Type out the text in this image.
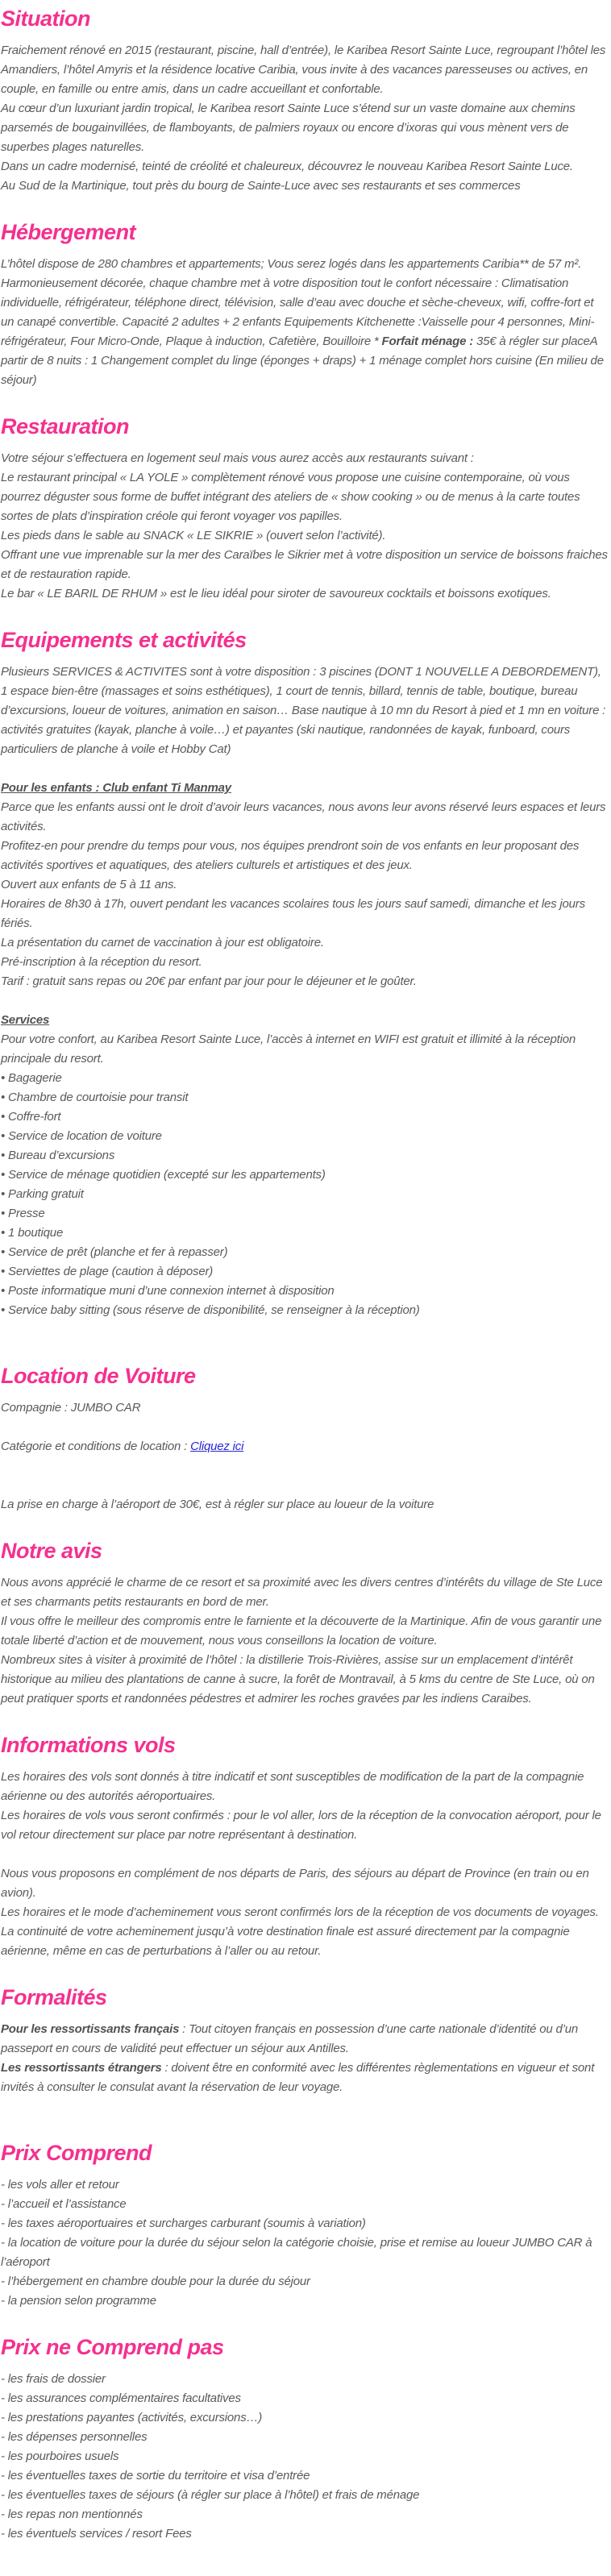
Situation

Fraichement rénové en 2015 (restaurant, piscine, hall d’entrée), le Karibea Resort Sainte Luce, regroupant l’hôtel les Amandiers, l’hôtel Amyris et la résidence locative Caribia, vous invite à des vacances paresseuses ou actives, en couple, en famille ou entre amis, dans un cadre accueillant et confortable.

Au cœur d’un luxuriant jardin tropical, le Karibea resort Sainte Luce s’étend sur un vaste domaine aux chemins parsemés de bougainvillées, de flamboyants, de palmiers royaux ou encore d’ixoras qui vous mènent vers de superbes plages naturelles.

Dans un cadre modernisé, teinté de créolité et chaleureux, découvrez le nouveau Karibea Resort Sainte Luce.

Au Sud de la Martinique, tout près du bourg de Sainte-Luce avec ses restaurants et ses commerces

Hébergement

L’hôtel dispose de 280 chambres et appartements; Vous serez logés dans les appartements Caribia** de 57 m². Harmonieusement décorée, chaque chambre met à votre disposition tout le confort nécessaire : Climatisation individuelle, réfrigérateur, téléphone direct, télévision, salle d’eau avec douche et sèche-cheveux, wifi, coffre-fort et un canapé convertible. Capacité 2 adultes + 2 enfants Equipements Kitchenette :Vaisselle pour 4 personnes, Mini-réfrigérateur, Four Micro-Onde, Plaque à induction, Cafetière, Bouilloire * Forfait ménage : 35€ à régler sur placeA partir de 8 nuits : 1 Changement complet du linge (éponges + draps) + 1 ménage complet hors cuisine (En milieu de séjour)

Restauration

Votre séjour s’effectuera en logement seul mais vous aurez accès aux restaurants suivant :

Le restaurant principal « LA YOLE » complètement rénové vous propose une cuisine contemporaine, où vous pourrez déguster sous forme de buffet intégrant des ateliers de « show cooking » ou de menus à la carte toutes sortes de plats d’inspiration créole qui feront voyager vos papilles.

Les pieds dans le sable au SNACK « LE SIKRIE » (ouvert selon l’activité).

Offrant une vue imprenable sur la mer des Caraïbes le Sikrier met à votre disposition un service de boissons fraiches et de restauration rapide.

Le bar « LE BARIL DE RHUM » est le lieu idéal pour siroter de savoureux cocktails et boissons exotiques.

Equipements et activités

Plusieurs SERVICES & ACTIVITES sont à votre disposition : 3 piscines (DONT 1 NOUVELLE A DEBORDEMENT), 1 espace bien-être (massages et soins esthétiques), 1 court de tennis, billard, tennis de table, boutique, bureau d’excursions, loueur de voitures, animation en saison… Base nautique à 10 mn du Resort à pied et 1 mn en voiture : activités gratuites (kayak, planche à voile…) et payantes (ski nautique, randonnées de kayak, funboard, cours particuliers de planche à voile et Hobby Cat)

Pour les enfants : Club enfant Ti Manmay

Parce que les enfants aussi ont le droit d’avoir leurs vacances, nous avons leur avons réservé leurs espaces et leurs activités.

Profitez-en pour prendre du temps pour vous, nos équipes prendront soin de vos enfants en leur proposant des activités sportives et aquatiques, des ateliers culturels et artistiques et des jeux.

Ouvert aux enfants de 5 à 11 ans.

Horaires de 8h30 à 17h, ouvert pendant les vacances scolaires tous les jours sauf samedi, dimanche et les jours fériés.

La présentation du carnet de vaccination à jour est obligatoire.

Pré-inscription à la réception du resort.

Tarif : gratuit sans repas ou 20€ par enfant par jour pour le déjeuner et le goûter.

Services

Pour votre confort, au Karibea Resort Sainte Luce, l’accès à internet en WIFI est gratuit et illimité à la réception principale du resort.

• Bagagerie

• Chambre de courtoisie pour transit

• Coffre-fort

• Service de location de voiture

• Bureau d’excursions

• Service de ménage quotidien (excepté sur les appartements)

• Parking gratuit

• Presse

• 1 boutique

• Service de prêt (planche et fer à repasser)

• Serviettes de plage (caution à déposer)

• Poste informatique muni d’une connexion internet à disposition

• Service baby sitting (sous réserve de disponibilité, se renseigner à la réception)

Location de Voiture

Compagnie : JUMBO CAR

Catégorie et conditions de location : Cliquez ici

La prise en charge à l’aéroport de 30€, est à régler sur place au loueur de la voiture

Notre avis

Nous avons apprécié le charme de ce resort et sa proximité avec les divers centres d’intérêts du village de Ste Luce et ses charmants petits restaurants en bord de mer.

Il vous offre le meilleur des compromis entre le farniente et la découverte de la Martinique. Afin de vous garantir une totale liberté d’action et de mouvement, nous vous conseillons la location de voiture.

Nombreux sites à visiter à proximité de l’hôtel : la distillerie Trois-Rivières, assise sur un emplacement d’intérêt historique au milieu des plantations de canne à sucre, la forêt de Montravail, à 5 kms du centre de Ste Luce, où on peut pratiquer sports et randonnées pédestres et admirer les roches gravées par les indiens Caraibes.

Informations vols

Les horaires des vols sont donnés à titre indicatif et sont susceptibles de modification de la part de la compagnie aérienne ou des autorités aéroportuaires.

Les horaires de vols vous seront confirmés : pour le vol aller, lors de la réception de la convocation aéroport, pour le vol retour directement sur place par notre représentant à destination.

Nous vous proposons en complément de nos départs de Paris, des séjours au départ de Province (en train ou en avion).

Les horaires et le mode d’acheminement vous seront confirmés lors de la réception de vos documents de voyages.

La continuité de votre acheminement jusqu’à votre destination finale est assuré directement par la compagnie aérienne, même en cas de perturbations à l’aller ou au retour.

Formalités

Pour les ressortissants français : Tout citoyen français en possession d’une carte nationale d’identité ou d’un passeport en cours de validité peut effectuer un séjour aux Antilles.

Les ressortissants étrangers : doivent être en conformité avec les différentes règlementations en vigueur et sont invités à consulter le consulat avant la réservation de leur voyage.

Prix Comprend

- les vols aller et retour

- l’accueil et l’assistance

- les taxes aéroportuaires et surcharges carburant (soumis à variation)

- la location de voiture pour la durée du séjour selon la catégorie choisie, prise et remise au loueur JUMBO CAR à l’aéroport

- l’hébergement en chambre double pour la durée du séjour

- la pension selon programme

Prix ne Comprend pas

- les frais de dossier

- les assurances complémentaires facultatives

- les prestations payantes (activités, excursions…)

- les dépenses personnelles

- les pourboires usuels

- les éventuelles taxes de sortie du territoire et visa d’entrée

- les éventuelles taxes de séjours (à régler sur place à l’hôtel) et frais de ménage

- les repas non mentionnés

- les éventuels services / resort Fees
